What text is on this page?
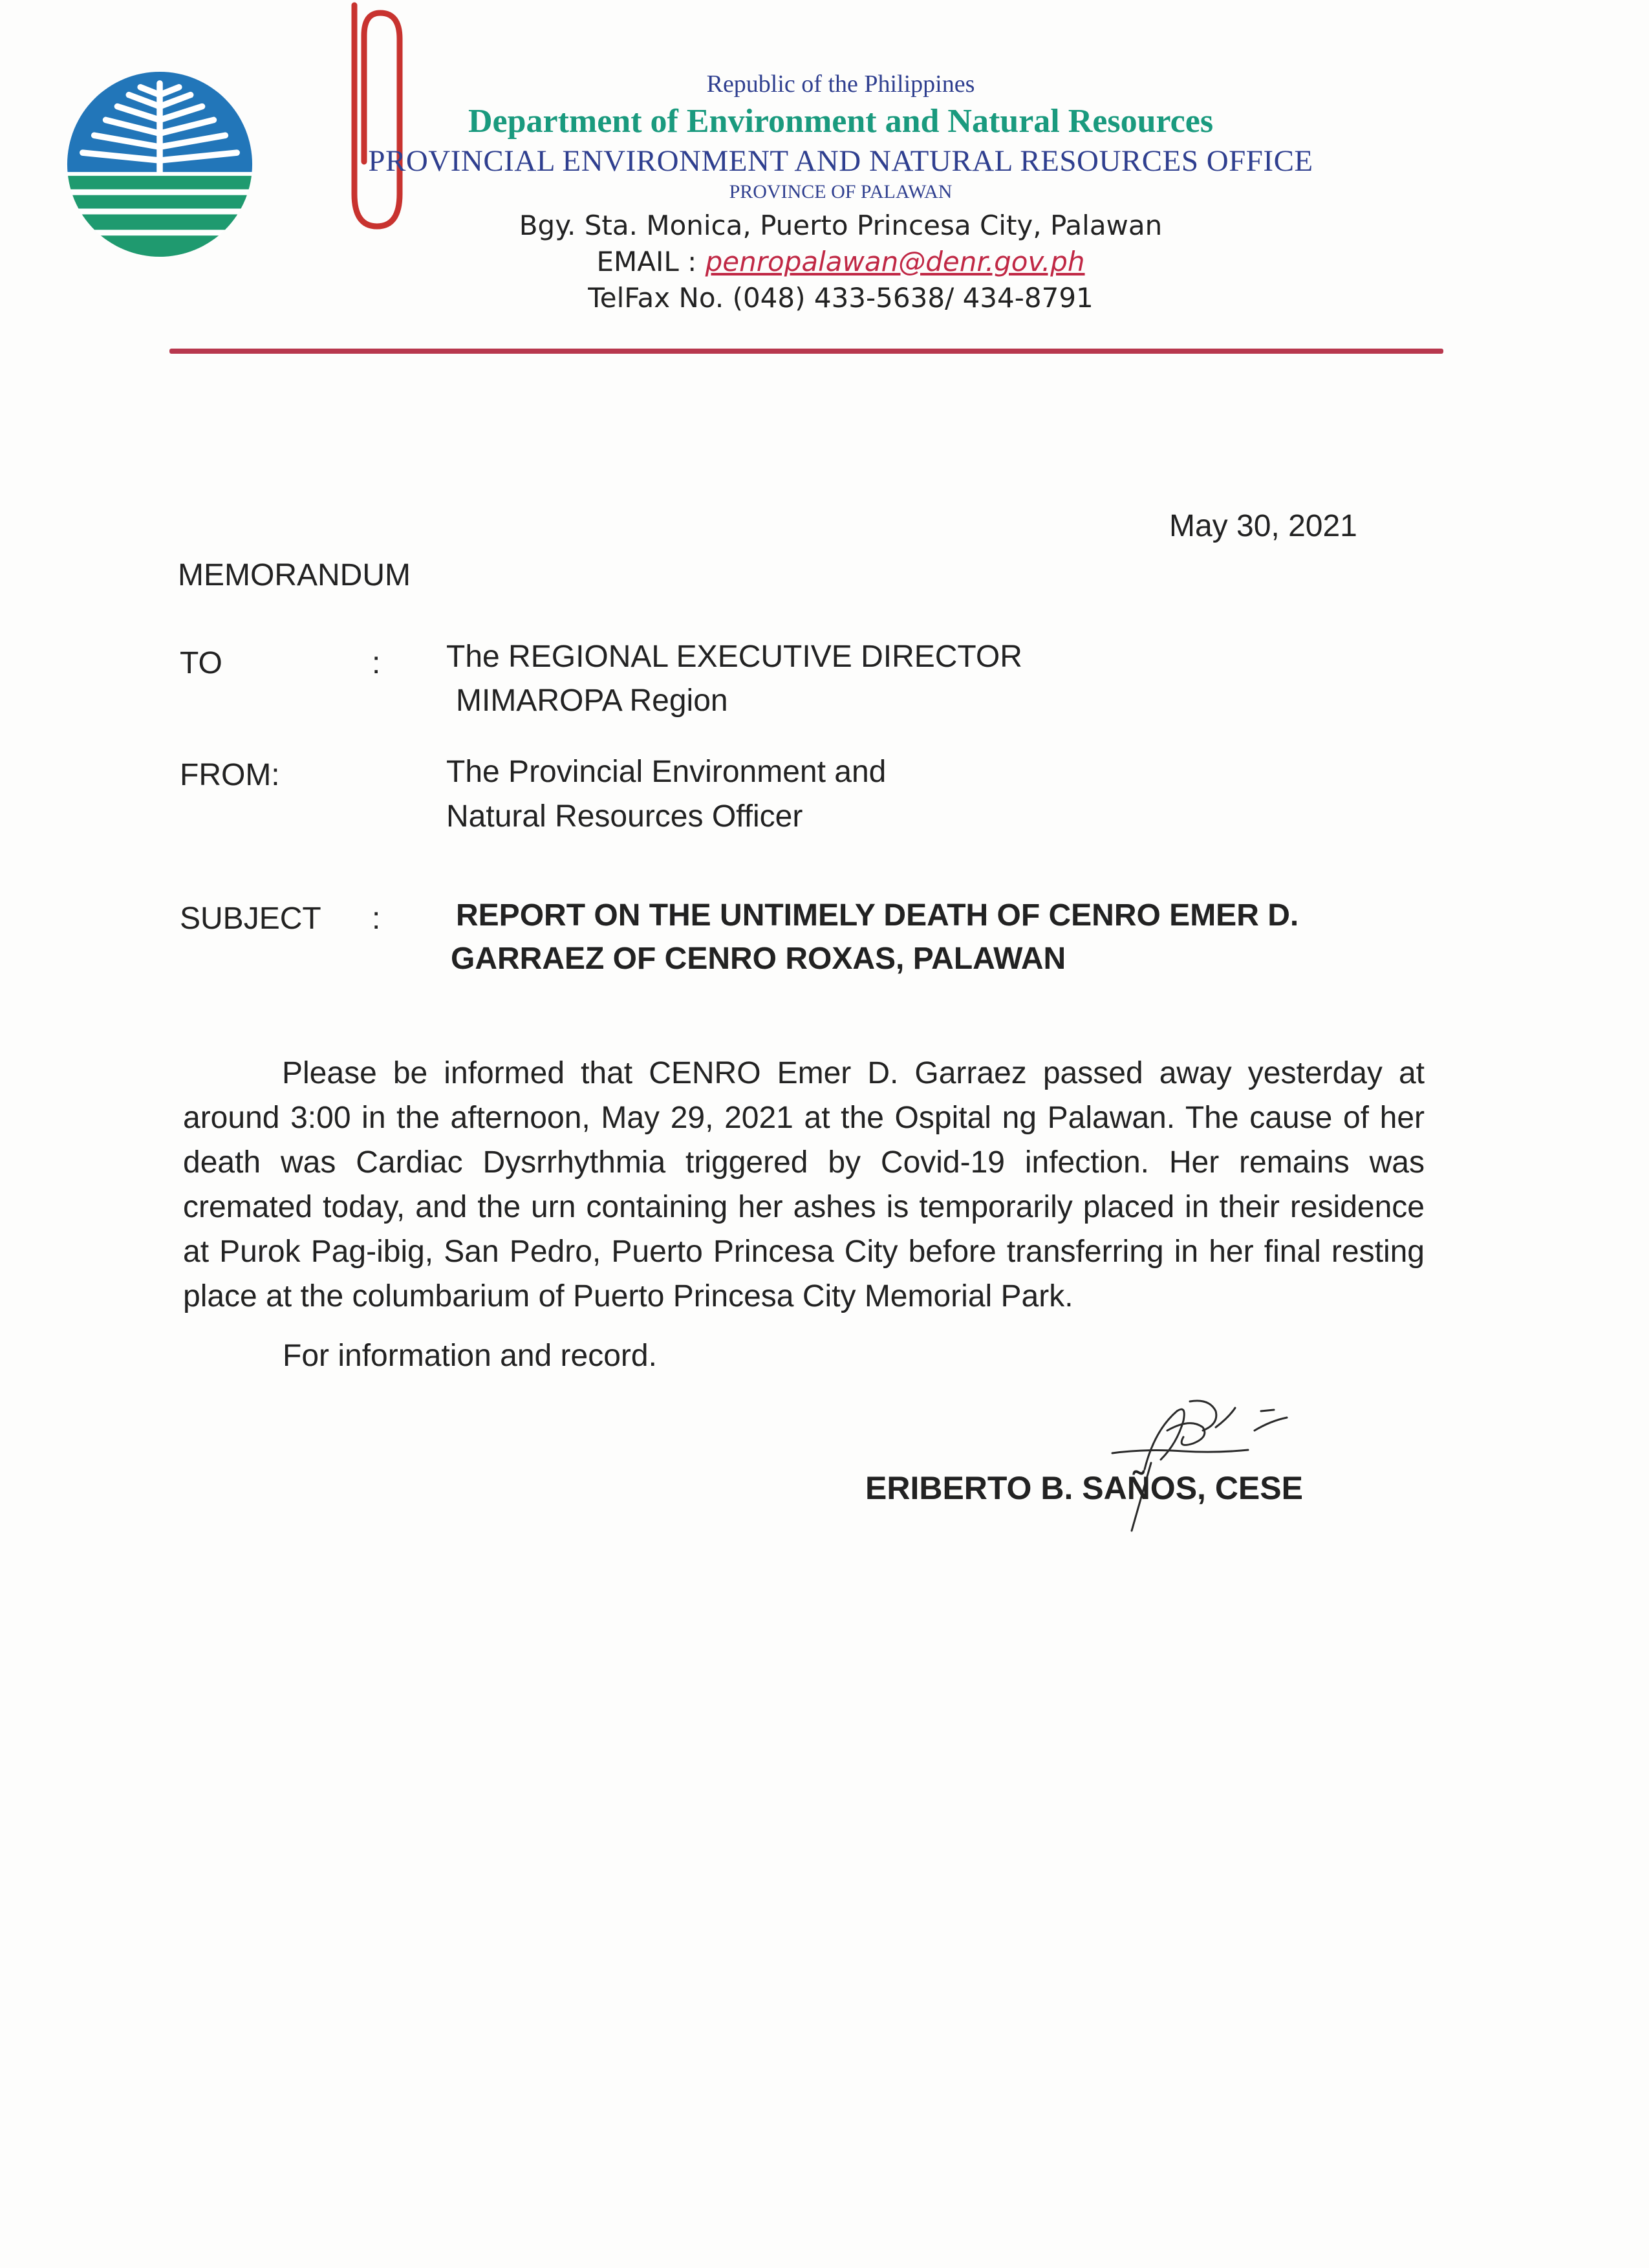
Republic of the Philippines
Department of Environment and Natural Resources
PROVINCIAL ENVIRONMENT AND NATURAL RESOURCES OFFICE
PROVINCE OF PALAWAN
Bgy. Sta. Monica, Puerto Princesa City, Palawan
EMAIL : penropalawan@denr.gov.ph
TelFax No. (048) 433-5638/ 434-8791
May 30, 2021
MEMORANDUM
TO	: The REGIONAL EXECUTIVE DIRECTOR
MIMAROPA Region
FROM:	The Provincial Environment and
Natural Resources Officer
SUBJECT : REPORT ON THE UNTIMELY DEATH OF CENRO EMER D.
GARRAEZ OF CENRO ROXAS, PALAWAN

Please be informed that CENRO Emer D. Garraez passed away yesterday at around 3:00 in the afternoon, May 29, 2021 at the Ospital ng Palawan. The cause of her death was Cardiac Dysrrhythmia triggered by Covid-19 infection. Her remains was cremated today, and the urn containing her ashes is temporarily placed in their residence at Purok Pag-ibig, San Pedro, Puerto Princesa City before transferring in her final resting place at the columbarium of Puerto Princesa City Memorial Park.

For information and record.
ERIBERTO B. SAÑOS, CESE
